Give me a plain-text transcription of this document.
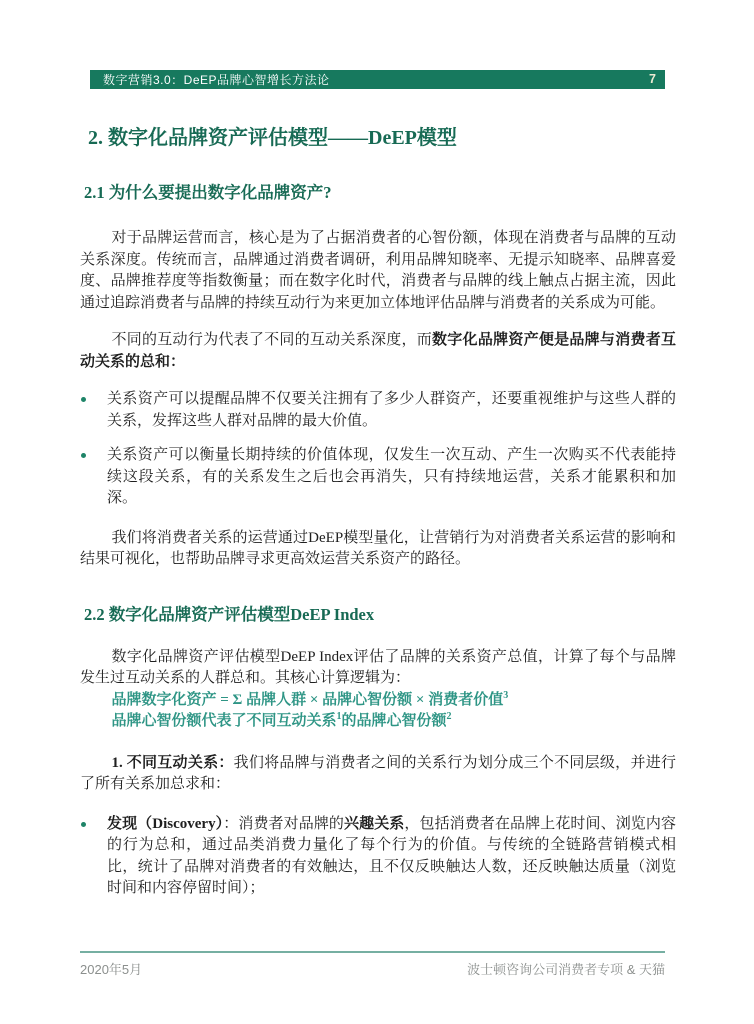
数字营销3.0：DeEP品牌心智增长方法论	7
2. 数字化品牌资产评估模型——DeEP模型
2.1 为什么要提出数字化品牌资产?

对于品牌运营而言，核心是为了占据消费者的心智份额，体现在消费者与品牌的互动关系深度。传统而言，品牌通过消费者调研，利用品牌知晓率、无提示知晓率、品牌喜爱度、品牌推荐度等指数衡量；而在数字化时代，消费者与品牌的线上触点占据主流，因此通过追踪消费者与品牌的持续互动行为来更加立体地评估品牌与消费者的关系成为可能。

不同的互动行为代表了不同的互动关系深度，而数字化品牌资产便是品牌与消费者互动关系的总和：

关系资产可以提醒品牌不仅要关注拥有了多少人群资产，还要重视维护与这些人群的关系，发挥这些人群对品牌的最大价值。

关系资产可以衡量长期持续的价值体现，仅发生一次互动、产生一次购买不代表能持续这段关系，有的关系发生之后也会再消失，只有持续地运营，关系才能累积和加深。

我们将消费者关系的运营通过DeEP模型量化，让营销行为对消费者关系运营的影响和结果可视化，也帮助品牌寻求更高效运营关系资产的路径。

2.2 数字化品牌资产评估模型DeEP Index

数字化品牌资产评估模型DeEP Index评估了品牌的关系资产总值，计算了每个与品牌发生过互动关系的人群总和。其核心计算逻辑为：

品牌数字化资产 = Σ 品牌人群 × 品牌心智份额 × 消费者价值$^3$

品牌心智份额代表了不同互动关系$^1$的品牌心智份额$^2$

1. 不同互动关系：我们将品牌与消费者之间的关系行为划分成三个不同层级，并进行了所有关系加总求和：

发现（Discovery）：消费者对品牌的兴趣关系，包括消费者在品牌上花时间、浏览内容的行为总和，通过品类消费力量化了每个行为的价值。与传统的全链路营销模式相比，统计了品牌对消费者的有效触达，且不仅反映触达人数，还反映触达质量（浏览时间和内容停留时间）；

2020年5月	波士顿咨询公司消费者专项 & 天猫
